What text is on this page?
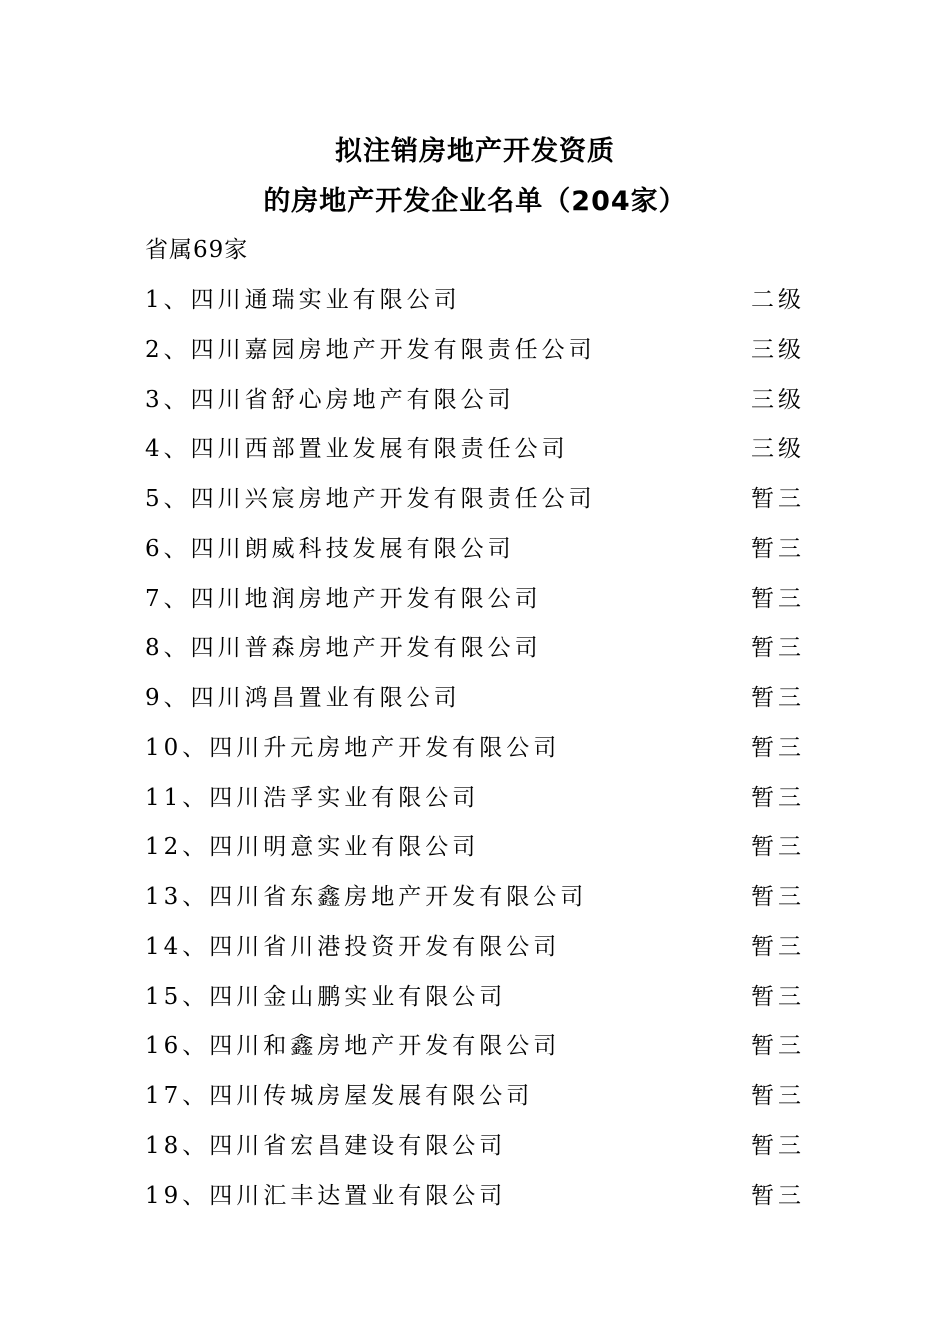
拟注销房地产开发资质
的房地产开发企业名单（204家）
省属69家
1、四川通瑞实业有限公司	二级
2、四川嘉园房地产开发有限责任公司	三级
3、四川省舒心房地产有限公司	三级
4、四川西部置业发展有限责任公司	三级
5、四川兴宸房地产开发有限责任公司	暂三
6、四川朗威科技发展有限公司	暂三
7、四川地润房地产开发有限公司	暂三
8、四川普森房地产开发有限公司	暂三
9、四川鸿昌置业有限公司	暂三
10、四川升元房地产开发有限公司	暂三
11、四川浩孚实业有限公司	暂三
12、四川明意实业有限公司	暂三
13、四川省东鑫房地产开发有限公司	暂三
14、四川省川港投资开发有限公司	暂三
15、四川金山鹏实业有限公司	暂三
16、四川和鑫房地产开发有限公司	暂三
17、四川传城房屋发展有限公司	暂三
18、四川省宏昌建设有限公司	暂三
19、四川汇丰达置业有限公司	暂三
